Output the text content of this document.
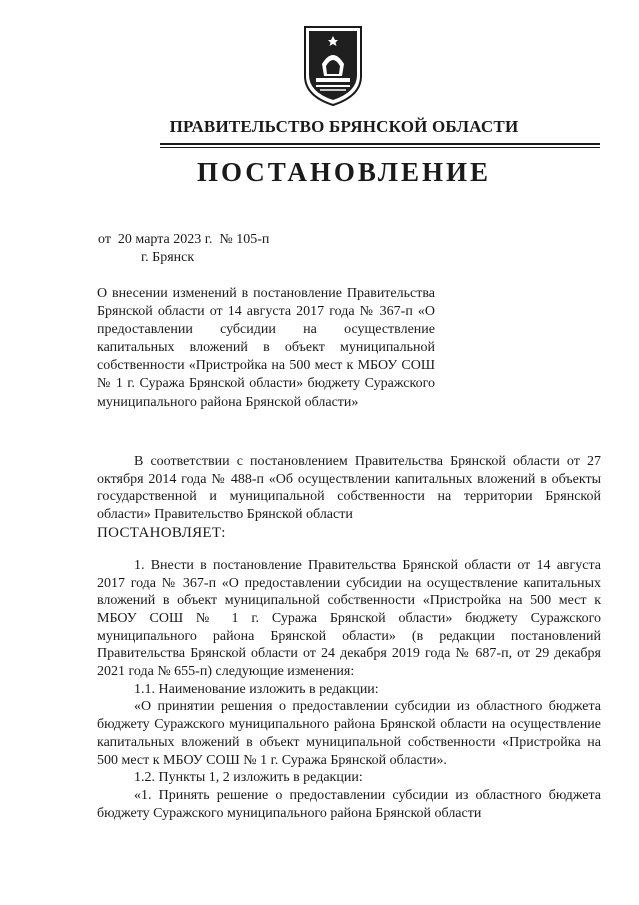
ПРАВИТЕЛЬСТВО БРЯНСКОЙ ОБЛАСТИ
ПОСТАНОВЛЕНИЕ
от  20 марта 2023 г.  № 105-п
г. Брянск
О внесении изменений в постановление Правительства Брянской области от 14 августа 2017 года № 367-п «О предоставлении субсидии на осуществление капитальных вложений в объект муниципальной собственности «Пристройка на 500 мест к МБОУ СОШ № 1 г. Суража Брянской области» бюджету Суражского муниципального района Брянской области»

В соответствии с постановлением Правительства Брянской области от 27 октября 2014 года № 488-п «Об осуществлении капитальных вложений в объекты государственной и муниципальной собственности на территории Брянской области» Правительство Брянской области

ПОСТАНОВЛЯЕТ:

1. Внести в постановление Правительства Брянской области от 14 августа 2017 года № 367-п «О предоставлении субсидии на осуществление капитальных вложений в объект муниципальной собственности «Пристройка на 500 мест к МБОУ СОШ № 1 г. Суража Брянской области» бюджету Суражского муниципального района Брянской области» (в редакции постановлений Правительства Брянской области от 24 декабря 2019 года № 687-п, от 29 декабря 2021 года № 655-п) следующие изменения:

1.1. Наименование изложить в редакции:

«О принятии решения о предоставлении субсидии из областного бюджета бюджету Суражского муниципального района Брянской области на осуществление капитальных вложений в объект муниципальной собственности «Пристройка на 500 мест к МБОУ СОШ № 1 г. Суража Брянской области».

1.2. Пункты 1, 2 изложить в редакции:

«1. Принять решение о предоставлении субсидии из областного бюджета бюджету Суражского муниципального района Брянской области
